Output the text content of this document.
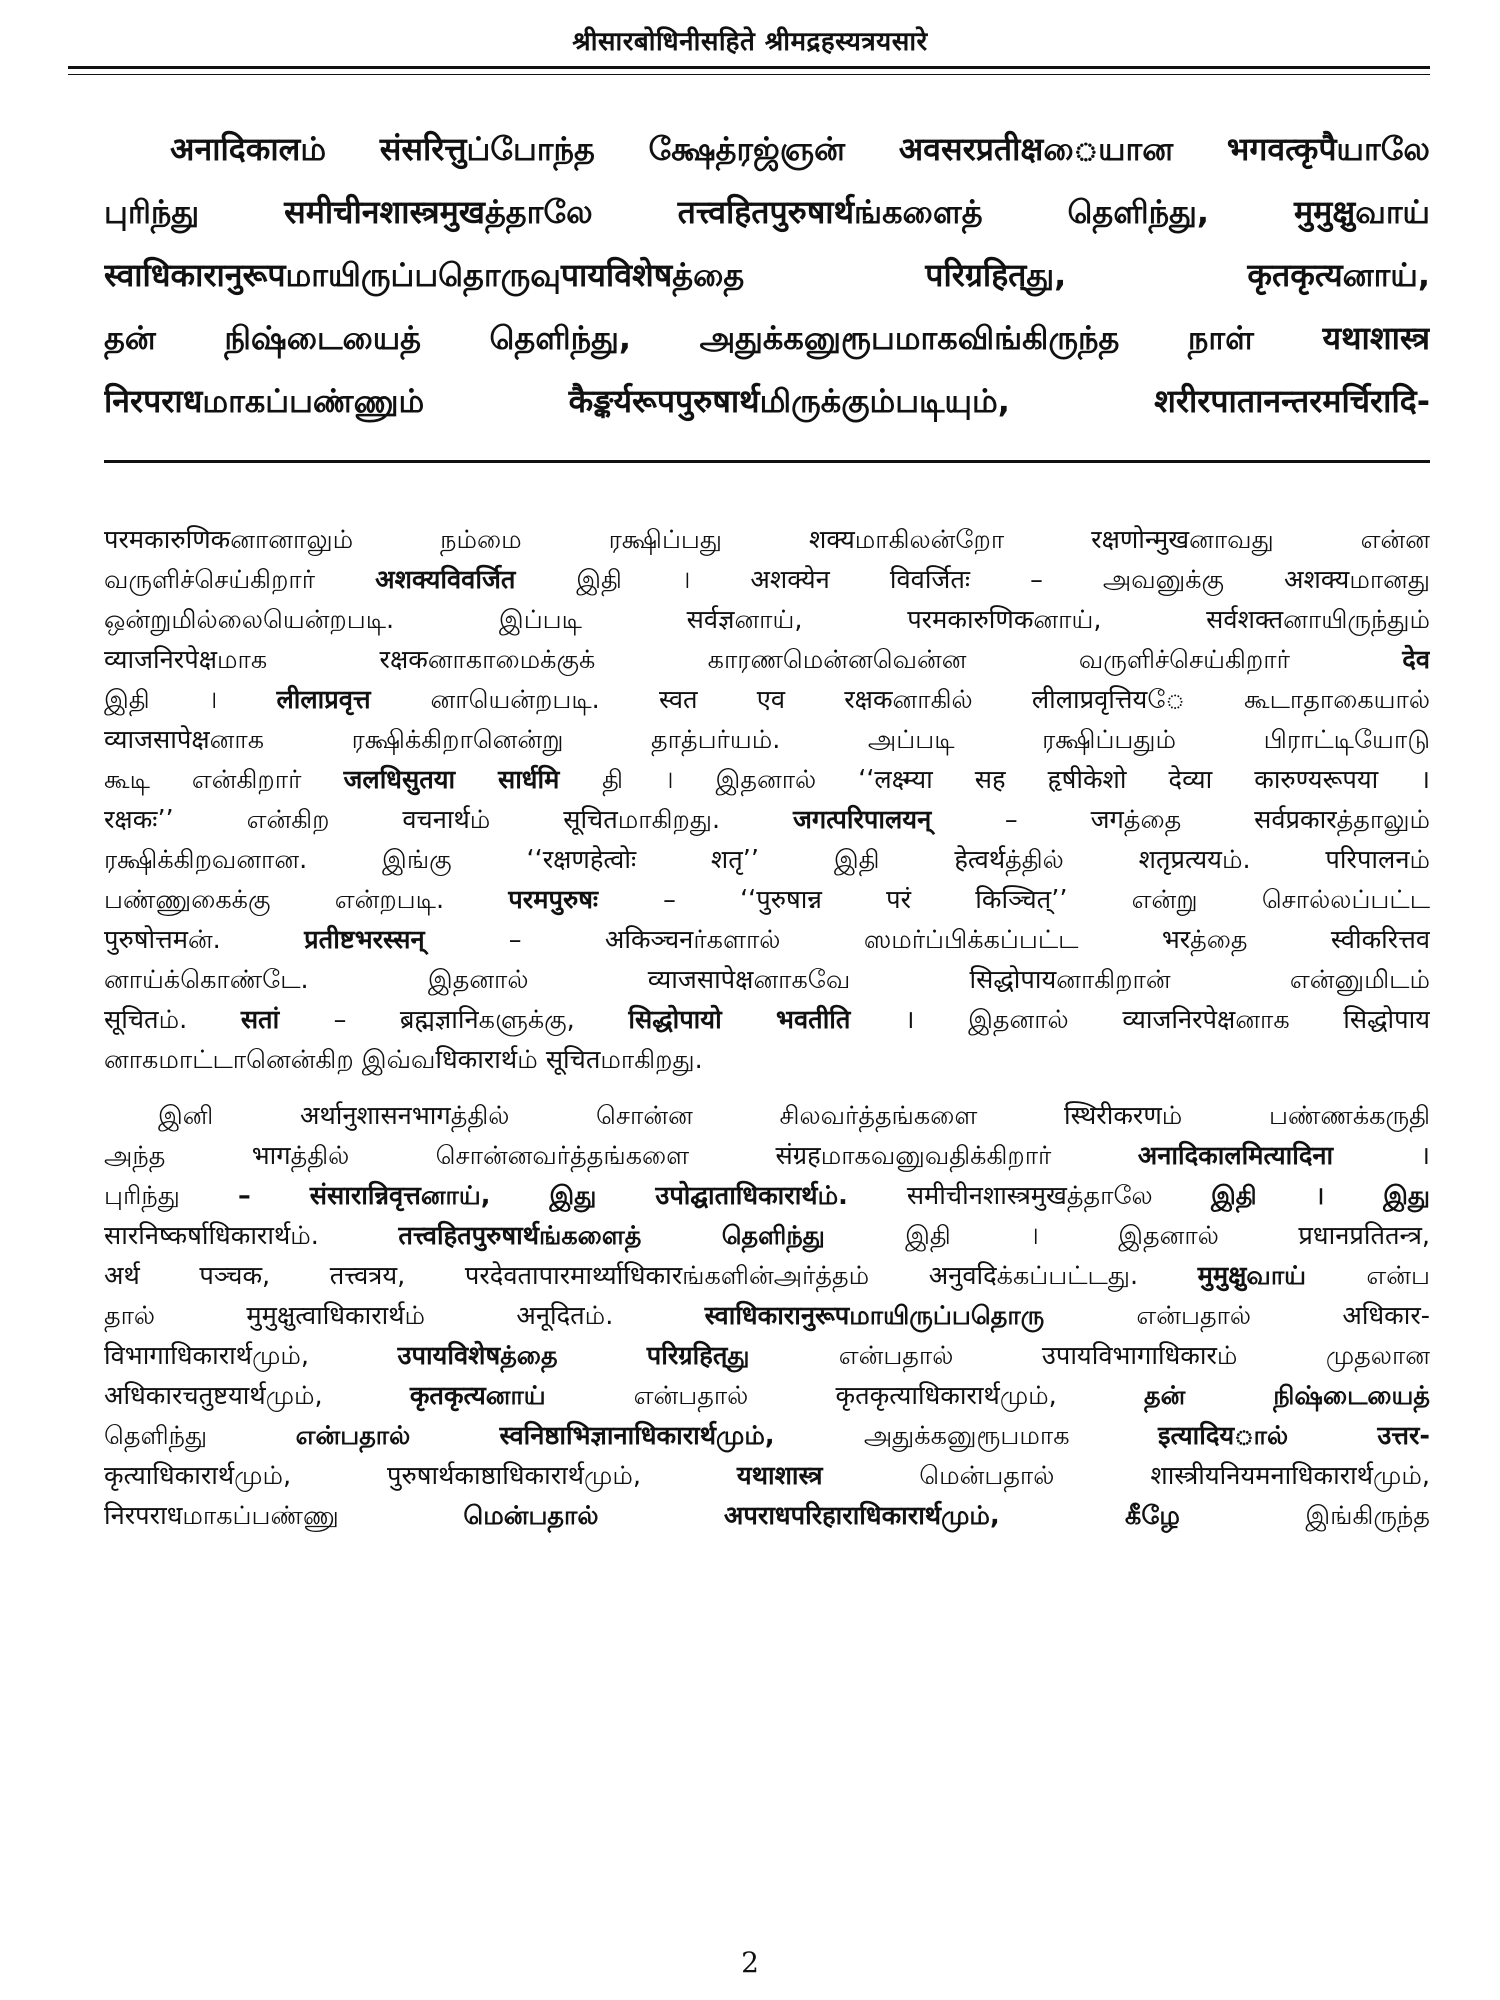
श्रीसारबोधिनीसहिते श्रीमद्रहस्यत्रयसारे
अनादिकालம் संसरित्तुப்போந்த க்ஷேத்ரஜ்ஞன் अवसरप्रतीक्षையான भगवत्कृपैயாலே
புரிந்து समीचीनशास्त्रमुखத்தாலே तत्त्वहितपुरुषार्थங்களைத் தெளிந்து, मुमुक्षुவாய்
स्वाधिकारानुरूपமாயிருப்பதொருவுपायविशेषத்தை परिग्रहित्து, कृतकृत्यனாய்,
தன் நிஷ்டையைத் தெளிந்து, அதுக்கனுரூபமாகவிங்கிருந்த நாள் यथाशास्त्र
निरपराधமாகப்பண்ணும் कैङ्कर्यरूपपुरुषार्थமிருக்கும்படியும், शरीरपातानन्तरमर्चिरादि-

परमकारुणिकனானாலும் நம்மை ரக்ஷிப்பது शक्यமாகிலன்றோ रक्षणोन्मुखனாவது என்ன
வருளிச்செய்கிறார் अशक्यविवर्जित இதி । अशक्येन विवर्जितः – அவனுக்கு अशक्यமானது
ஒன்றுமில்லையென்றபடி. இப்படி सर्वज्ञனாய், परमकारुणिकனாய், सर्वशक्तனாயிருந்தும்
व्याजनिरपेक्षமாக रक्षकனாகாமைக்குக் காரணமென்னவென்ன வருளிச்செய்கிறார் देव
இதி । लीलाप्रवृत्त னாயென்றபடி. स्वत एव रक्षकனாகில் लीलाप्रवृत्तियே கூடாதாகையால்
व्याजसापेक्षனாக ரக்ஷிக்கிறானென்று தாத்பர்யம். அப்படி ரக்ஷிப்பதும் பிராட்டியோடு
கூடி என்கிறார் जलधिसुतया सार्धमि தி । இதனால் ‘‘लक्ष्म्या सह हृषीकेशो देव्या कारुण्यरूपया ।
रक्षकः’’ என்கிற वचनार्थம் सूचितமாகிறது. जगत्परिपालयन् – जगத்தை सर्वप्रकारத்தாலும்
ரக்ஷிக்கிறவனான. இங்கு ‘‘रक्षणहेत्वोः शतृ’’ இதி हेत्वर्थத்தில் शतृप्रत्ययம். परिपालनம்
பண்ணுகைக்கு என்றபடி. परमपुरुषः – ‘‘पुरुषान्न परं किञ्चित्’’ என்று சொல்லப்பட்ட
पुरुषोत्तमன். प्रतीष्टभरस्सन् – अकिञ्चनர்களால் ஸமர்ப்பிக்கப்பட்ட भरத்தை स्वीकरित्तव
னாய்க்கொண்டே. இதனால் व्याजसापेक्षனாகவே सिद्धोपायனாகிறான் என்னுமிடம்
सूचितம். सतां – ब्रह्मज्ञानिகளுக்கு, सिद्धोपायो भवतीति । இதனால் व्याजनिरपेक्षனாக सिद्धोपाय
னாகமாட்டானென்கிற இவ்வधिकारार्थம் सूचितமாகிறது.

இனி अर्थानुशासनभागத்தில் சொன்ன சிலவர்த்தங்களை स्थिरीकरणம் பண்ணக்கருதி
அந்த भागத்தில் சொன்னவர்த்தங்களை संग्रहமாகவனுவதிக்கிறார் अनादिकालमित्यादिना ।
புரிந்து – संसारान्निवृत्तனாய், இது उपोद्घाताधिकारार्थம். समीचीनशास्त्रमुखத்தாலே இதி । இது
सारनिष्कर्षाधिकारार्थம். तत्त्वहितपुरुषार्थங்களைத் தெளிந்து இதி । இதனால் प्रधानप्रतितन्त्र,
अर्थ पञ्चक, तत्त्वत्रय, परदेवतापारमार्थ्याधिकारங்களின்அர்த்தம் अनुवदिக்கப்பட்டது. मुमुक्षुவாய் என்ப
தால் मुमुक्षुत्वाधिकारार्थம் अनूदितம். स्वाधिकारानुरूपமாயிருப்பதொரு என்பதால் अधिकार-
विभागाधिकारार्थமும், उपायविशेषத்தை परिग्रहित्து என்பதால் उपायविभागाधिकारம் முதலான
अधिकारचतुष्टयार्थமும், कृतकृत्यனாய் என்பதால் कृतकृत्याधिकारार्थமும், தன் நிஷ்டையைத்
தெளிந்து என்பதால் स्वनिष्ठाभिज्ञानाधिकारार्थமும், அதுக்கனுரூபமாக इत्यादियால் उत्तर-
कृत्याधिकारार्थமும், पुरुषार्थकाष्ठाधिकारार्थமும், यथाशास्त्र மென்பதால் शास्त्रीयनियमनाधिकारार्थமும்,
निरपराधமாகப்பண்ணு மென்பதால் अपराधपरिहाराधिकारार्थமும், கீழே இங்கிருந்த

2
